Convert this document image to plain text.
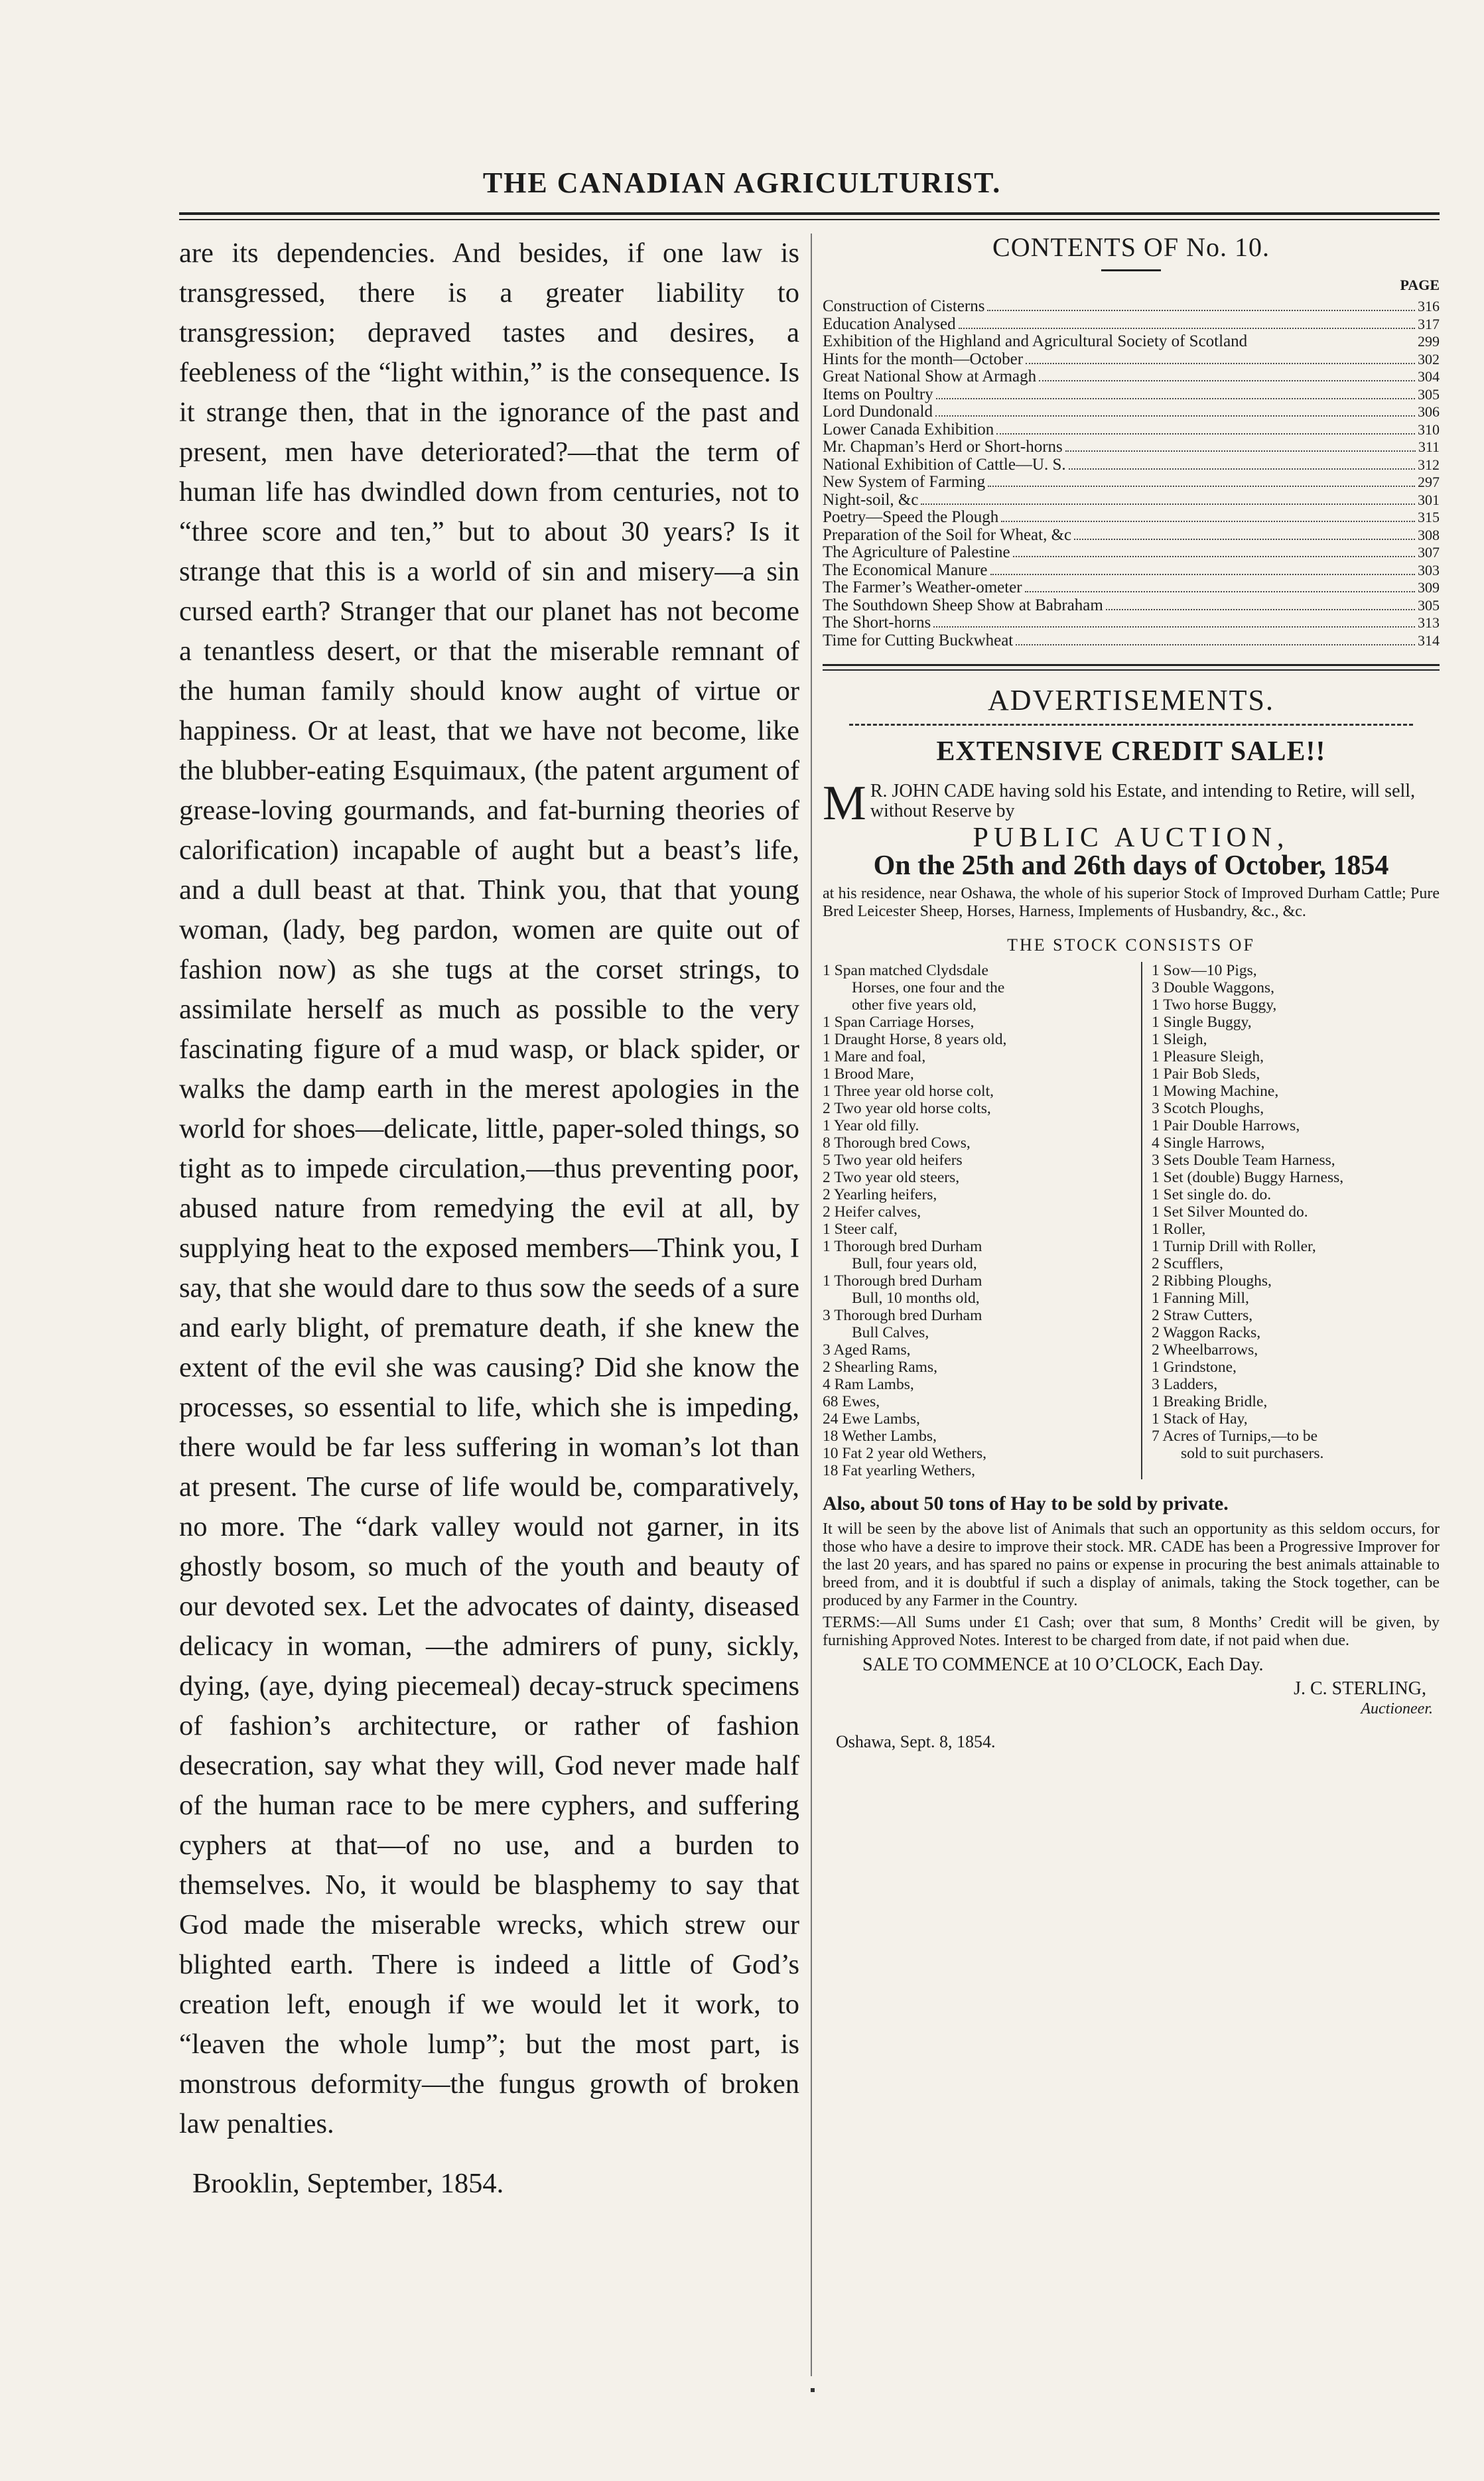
THE CANADIAN AGRICULTURIST.

are its dependencies. And besides, if one law is transgressed, there is a greater liability to transgression; depraved tastes and desires, a feebleness of the “light within,” is the consequence. Is it strange then, that in the ignorance of the past and present, men have deteriorated?—that the term of human life has dwindled down from centuries, not to “three score and ten,” but to about 30 years? Is it strange that this is a world of sin and misery—a sin cursed earth? Stranger that our planet has not become a tenantless desert, or that the miserable remnant of the human family should know aught of virtue or happiness. Or at least, that we have not become, like the blubber-eating Esquimaux, (the patent argument of grease-loving gourmands, and fat-burning theories of calorification) incapable of aught but a beast’s life, and a dull beast at that. Think you, that that young woman, (lady, beg pardon, women are quite out of fashion now) as she tugs at the corset strings, to assimilate herself as much as possible to the very fascinating figure of a mud wasp, or black spider, or walks the damp earth in the merest apologies in the world for shoes—delicate, little, paper-soled things, so tight as to impede circulation,—thus preventing poor, abused nature from remedying the evil at all, by supplying heat to the exposed members—Think you, I say, that she would dare to thus sow the seeds of a sure and early blight, of premature death, if she knew the extent of the evil she was causing? Did she know the processes, so essential to life, which she is impeding, there would be far less suffering in woman’s lot than at present. The curse of life would be, comparatively, no more. The “dark valley would not garner, in its ghostly bosom, so much of the youth and beauty of our devoted sex. Let the advocates of dainty, diseased delicacy in woman, —the admirers of puny, sickly, dying, (aye, dying piecemeal) decay-struck specimens of fashion’s architecture, or rather of fashion desecration, say what they will, God never made half of the human race to be mere cyphers, and suffering cyphers at that—of no use, and a burden to themselves. No, it would be blasphemy to say that God made the miserable wrecks, which strew our blighted earth. There is indeed a little of God’s creation left, enough if we would let it work, to “leaven the whole lump”; but the most part, is monstrous deformity—the fungus growth of broken law penalties.

Brooklin, September, 1854.

CONTENTS OF No. 10.
PAGE
Construction of Cisterns	316
Education Analysed	317
Exhibition of the Highland and Agricultural Society of Scotland	299
Hints for the month—October	302
Great National Show at Armagh	304
Items on Poultry	305
Lord Dundonald	306
Lower Canada Exhibition	310
Mr. Chapman’s Herd or Short-horns	311
National Exhibition of Cattle—U. S.	312
New System of Farming	297
Night-soil, &c	301
Poetry—Speed the Plough	315
Preparation of the Soil for Wheat, &c	308
The Agriculture of Palestine	307
The Economical Manure	303
The Farmer’s Weather-ometer	309
The Southdown Sheep Show at Babraham	305
The Short-horns	313
Time for Cutting Buckwheat	314
ADVERTISEMENTS.
EXTENSIVE CREDIT SALE!!
M R. JOHN CADE having sold his Estate, and intending to Retire, will sell, without Reserve by
PUBLIC AUCTION,
On the 25th and 26th days of October, 1854
at his residence, near Oshawa, the whole of his superior Stock of Improved Durham Cattle; Pure Bred Leicester Sheep, Horses, Harness, Implements of Husbandry, &c., &c.
THE STOCK CONSISTS OF
1 Span matched Clydsdale
Horses, one four and the
other five years old,
1 Span Carriage Horses,
1 Draught Horse, 8 years old,
1 Mare and foal,
1 Brood Mare,
1 Three year old horse colt,
2 Two year old horse colts,
1 Year old filly.
8 Thorough bred Cows,
5 Two year old heifers
2 Two year old steers,
2 Yearling heifers,
2 Heifer calves,
1 Steer calf,
1 Thorough bred Durham
Bull, four years old,
1 Thorough bred Durham
Bull, 10 months old,
3 Thorough bred Durham
Bull Calves,
3 Aged Rams,
2 Shearling Rams,
4 Ram Lambs,
68 Ewes,
24 Ewe Lambs,
18 Wether Lambs,
10 Fat 2 year old Wethers,
18 Fat yearling Wethers,
1 Sow—10 Pigs,
3 Double Waggons,
1 Two horse Buggy,
1 Single Buggy,
1 Sleigh,
1 Pleasure Sleigh,
1 Pair Bob Sleds,
1 Mowing Machine,
3 Scotch Ploughs,
1 Pair Double Harrows,
4 Single Harrows,
3 Sets Double Team Harness,
1 Set (double) Buggy Harness,
1 Set single do. do.
1 Set Silver Mounted do.
1 Roller,
1 Turnip Drill with Roller,
2 Scufflers,
2 Ribbing Ploughs,
1 Fanning Mill,
2 Straw Cutters,
2 Waggon Racks,
2 Wheelbarrows,
1 Grindstone,
3 Ladders,
1 Breaking Bridle,
1 Stack of Hay,
7 Acres of Turnips,—to be
sold to suit purchasers.
Also, about 50 tons of Hay to be sold by private.
It will be seen by the above list of Animals that such an opportunity as this seldom occurs, for those who have a desire to improve their stock. MR. CADE has been a Progressive Improver for the last 20 years, and has spared no pains or expense in procuring the best animals attainable to breed from, and it is doubtful if such a display of animals, taking the Stock together, can be produced by any Farmer in the Country.
TERMS:—All Sums under £1 Cash; over that sum, 8 Months’ Credit will be given, by furnishing Approved Notes. Interest to be charged from date, if not paid when due.
SALE TO COMMENCE at 10 O’CLOCK, Each Day.
J. C. STERLING,
Auctioneer.
Oshawa, Sept. 8, 1854.
